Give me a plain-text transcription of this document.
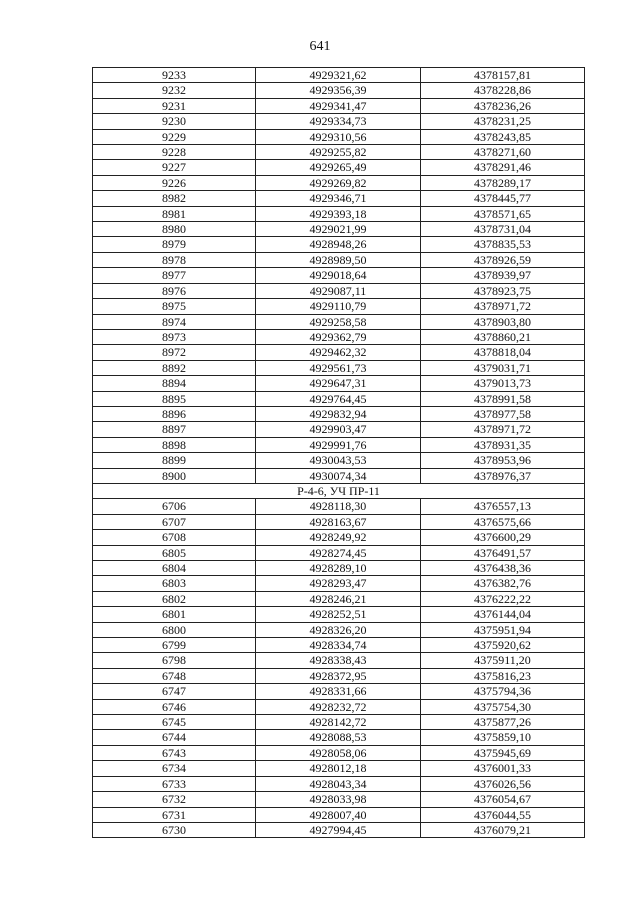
641
9233	4929321,62	4378157,81
9232	4929356,39	4378228,86
9231	4929341,47	4378236,26
9230	4929334,73	4378231,25
9229	4929310,56	4378243,85
9228	4929255,82	4378271,60
9227	4929265,49	4378291,46
9226	4929269,82	4378289,17
8982	4929346,71	4378445,77
8981	4929393,18	4378571,65
8980	4929021,99	4378731,04
8979	4928948,26	4378835,53
8978	4928989,50	4378926,59
8977	4929018,64	4378939,97
8976	4929087,11	4378923,75
8975	4929110,79	4378971,72
8974	4929258,58	4378903,80
8973	4929362,79	4378860,21
8972	4929462,32	4378818,04
8892	4929561,73	4379031,71
8894	4929647,31	4379013,73
8895	4929764,45	4378991,58
8896	4929832,94	4378977,58
8897	4929903,47	4378971,72
8898	4929991,76	4378931,35
8899	4930043,53	4378953,96
8900	4930074,34	4378976,37
Р-4-6, УЧ ПР-11		
6706	4928118,30	4376557,13
6707	4928163,67	4376575,66
6708	4928249,92	4376600,29
6805	4928274,45	4376491,57
6804	4928289,10	4376438,36
6803	4928293,47	4376382,76
6802	4928246,21	4376222,22
6801	4928252,51	4376144,04
6800	4928326,20	4375951,94
6799	4928334,74	4375920,62
6798	4928338,43	4375911,20
6748	4928372,95	4375816,23
6747	4928331,66	4375794,36
6746	4928232,72	4375754,30
6745	4928142,72	4375877,26
6744	4928088,53	4375859,10
6743	4928058,06	4375945,69
6734	4928012,18	4376001,33
6733	4928043,34	4376026,56
6732	4928033,98	4376054,67
6731	4928007,40	4376044,55
6730	4927994,45	4376079,21
